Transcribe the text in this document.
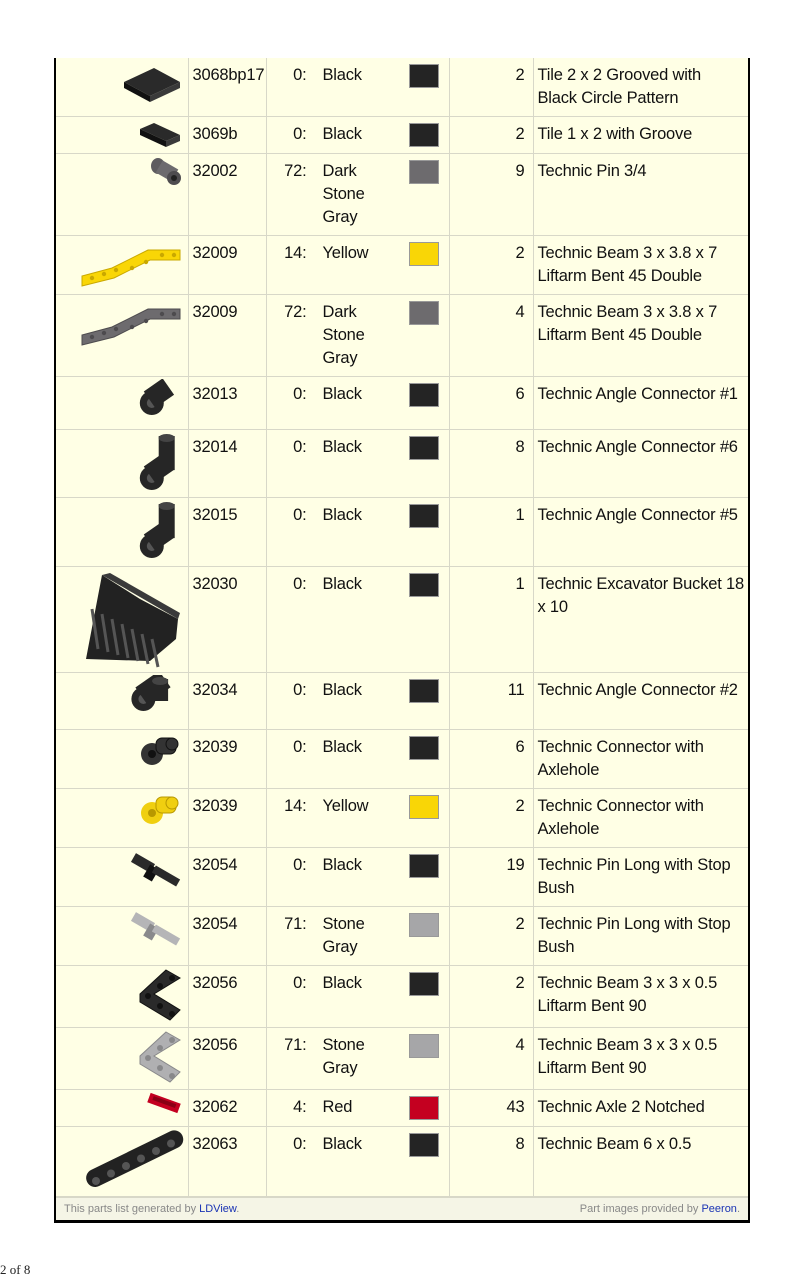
	3068bp17	0: Black	2	Tile 2 x 2 Grooved with Black Circle Pattern

	3069b	0: Black	2	Tile 1 x 2 with Groove

	32002	72: Dark Stone Gray	9	Technic Pin 3/4

	32009	14: Yellow	2	Technic Beam 3 x 3.8 x 7 Liftarm Bent 45 Double

	32009	72: Dark Stone Gray	4	Technic Beam 3 x 3.8 x 7 Liftarm Bent 45 Double

	32013	0: Black	6	Technic Angle Connector #1

	32014	0: Black	8	Technic Angle Connector #6

	32015	0: Black	1	Technic Angle Connector #5

	32030	0: Black	1	Technic Excavator Bucket 18 x 10

	32034	0: Black	11	Technic Angle Connector #2

	32039	0: Black	6	Technic Connector with Axlehole

	32039	14: Yellow	2	Technic Connector with Axlehole

	32054	0: Black	19	Technic Pin Long with Stop Bush

	32054	71: Stone Gray	2	Technic Pin Long with Stop Bush

	32056	0: Black	2	Technic Beam 3 x 3 x 0.5 Liftarm Bent 90

	32056	71: Stone Gray	4	Technic Beam 3 x 3 x 0.5 Liftarm Bent 90

	32062	4: Red	43	Technic Axle 2 Notched

	32063	0: Black	8	Technic Beam 6 x 0.5
This parts list generated by LDView.	Part images provided by Peeron.
2 of 8
